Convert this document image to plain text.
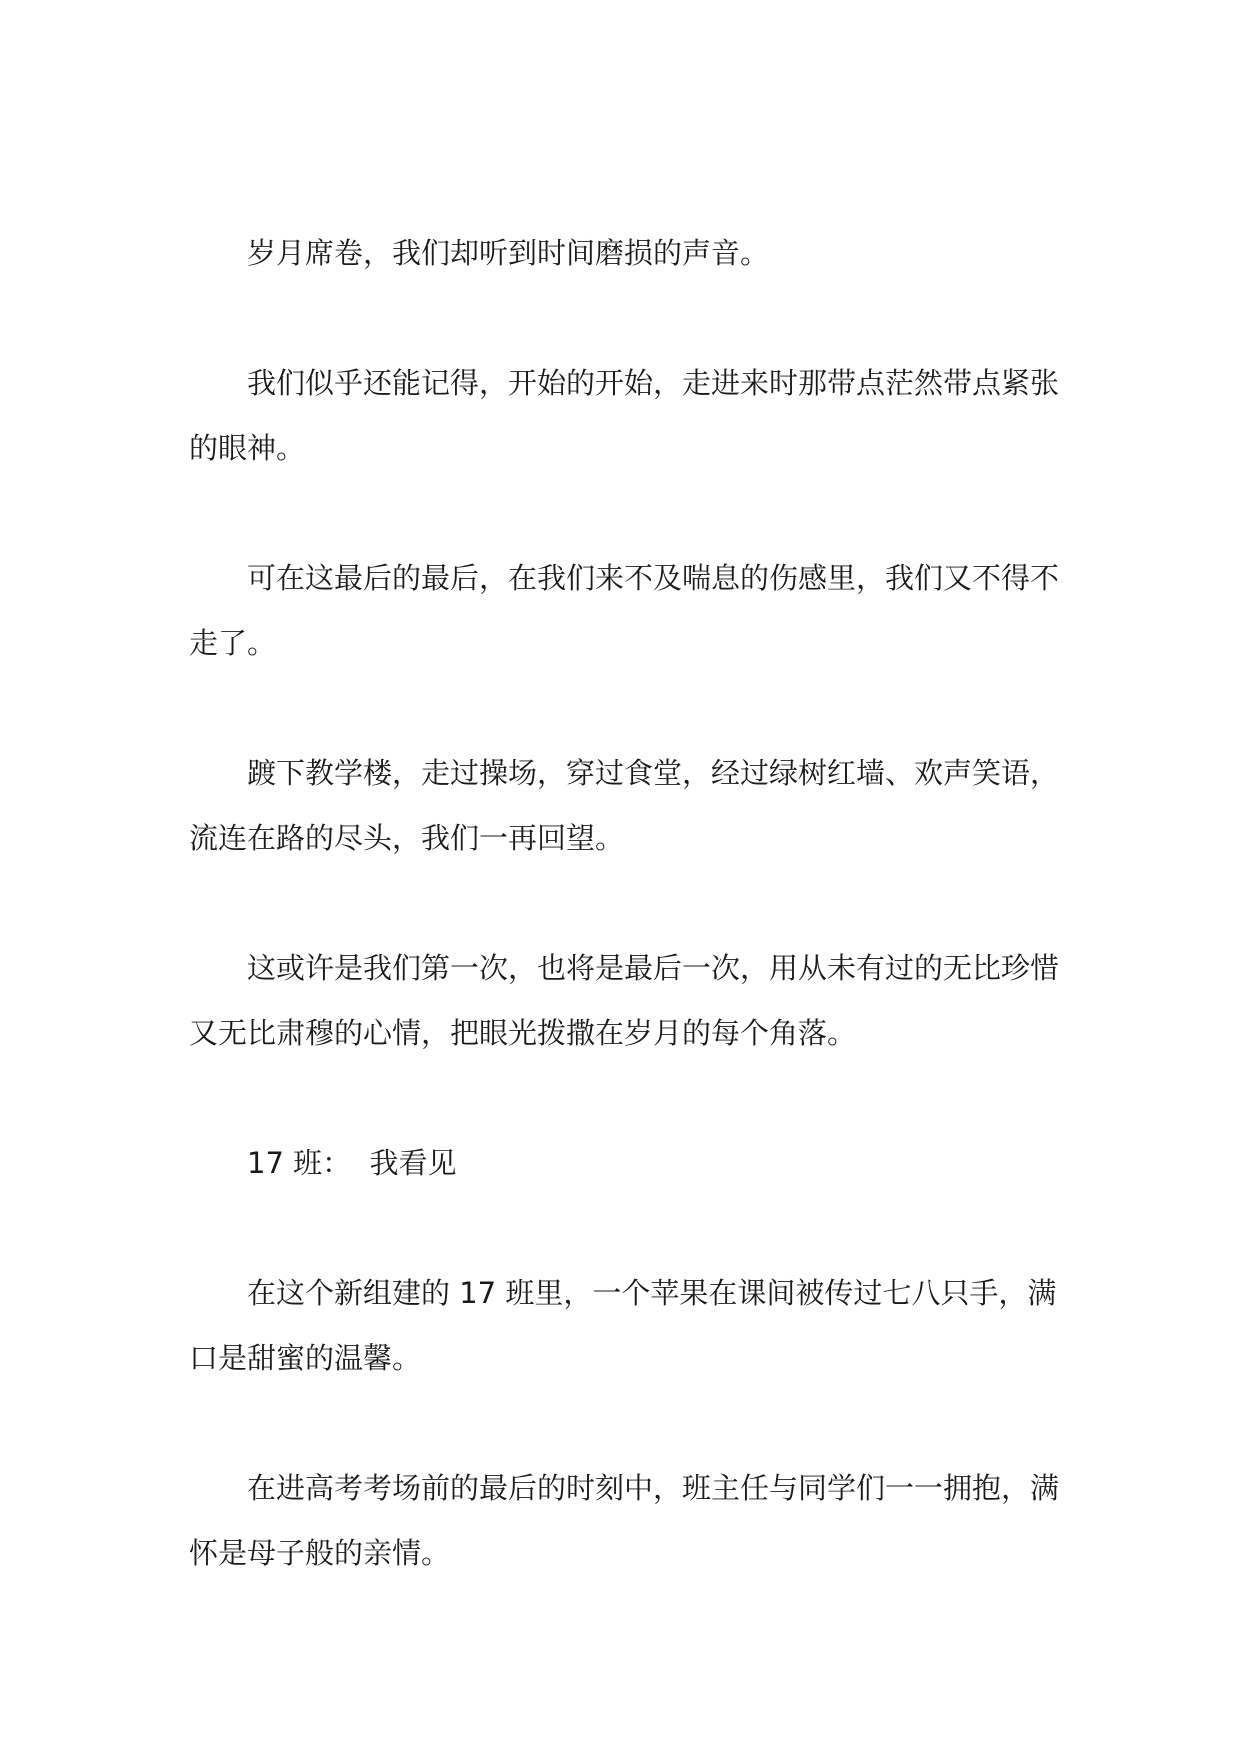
岁月席卷，我们却听到时间磨损的声音。

我们似乎还能记得，开始的开始，走进来时那带点茫然带点紧张
的眼神。

可在这最后的最后，在我们来不及喘息的伤感里，我们又不得不
走了。

踱下教学楼，走过操场，穿过食堂，经过绿树红墙、欢声笑语，
流连在路的尽头，我们一再回望。

这或许是我们第一次，也将是最后一次，用从未有过的无比珍惜
又无比肃穆的心情，把眼光拨撒在岁月的每个角落。

17 班：  我看见

在这个新组建的 17 班里，一个苹果在课间被传过七八只手，满
口是甜蜜的温馨。

在进高考考场前的最后的时刻中，班主任与同学们一一拥抱，满
怀是母子般的亲情。
